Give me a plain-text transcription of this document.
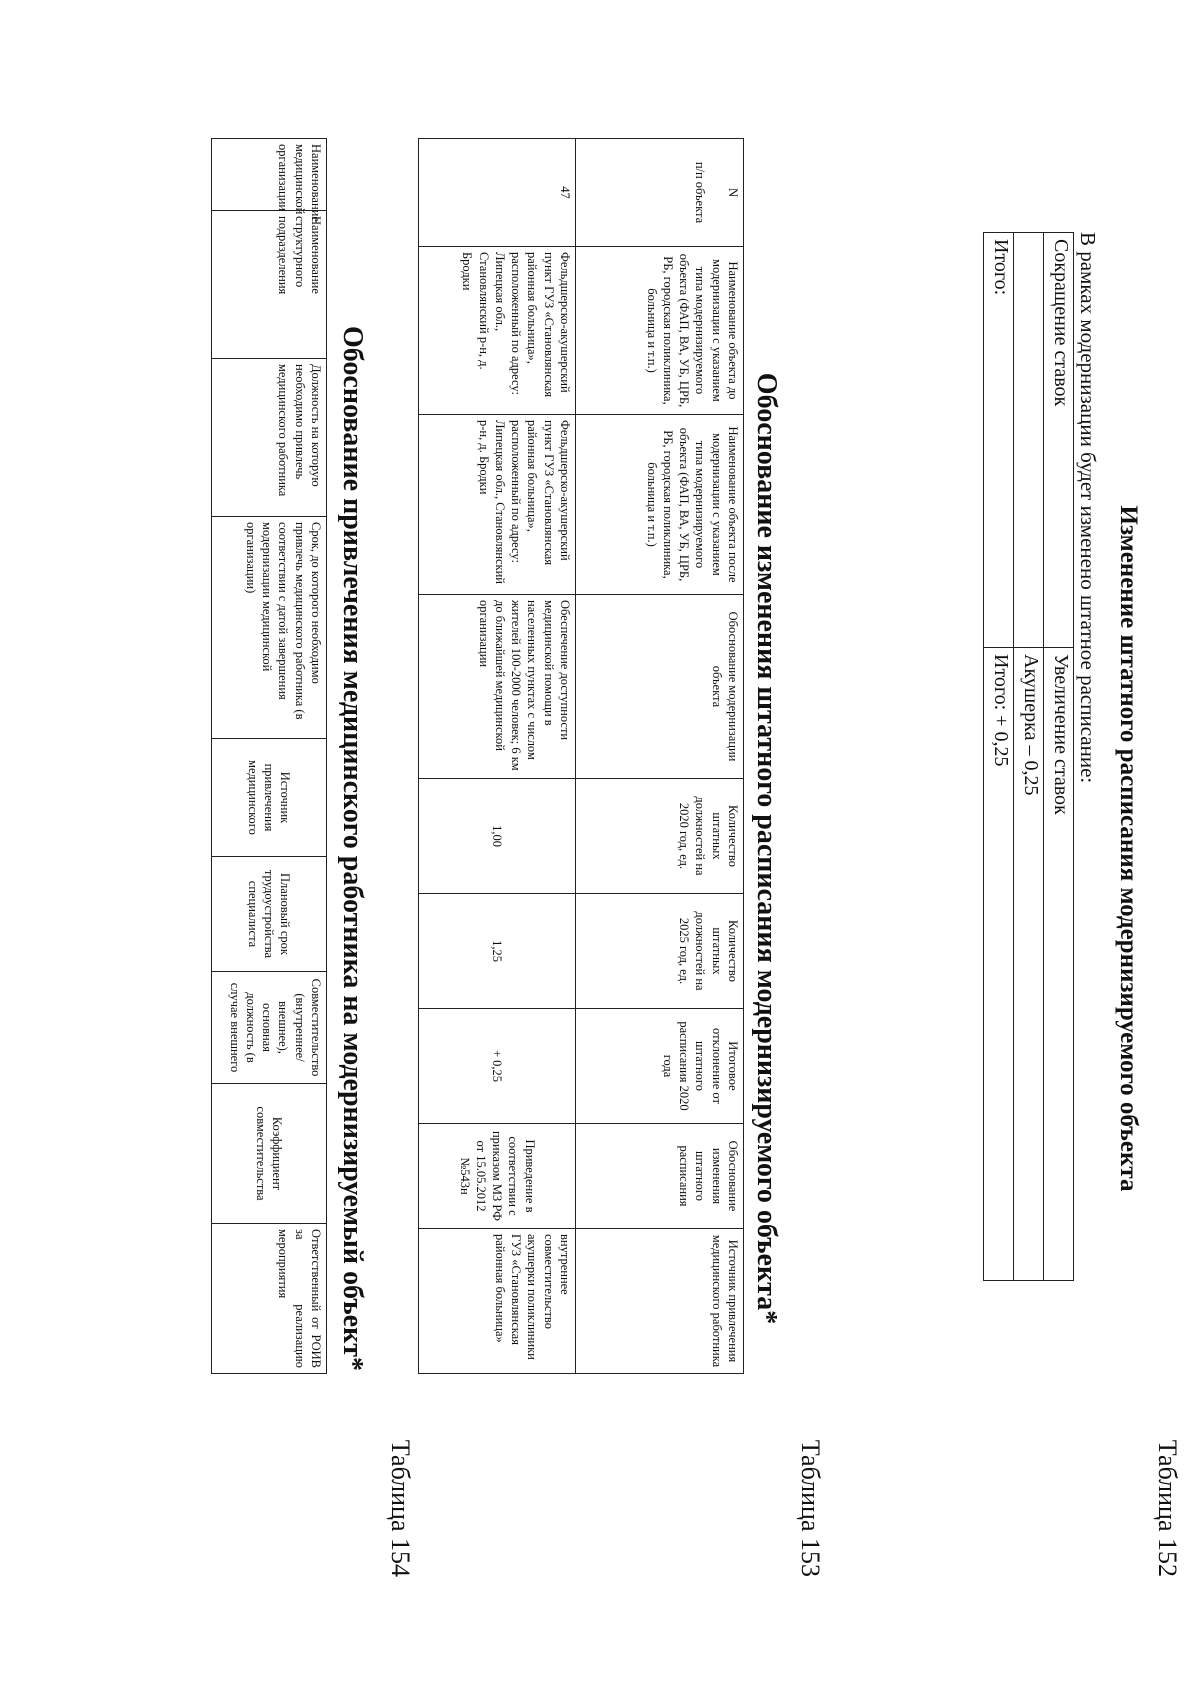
Таблица 152
Изменение штатного расписания модернизируемого объекта
В рамках модернизации будет изменено штатное расписание:
Сокращение ставок	Увеличение ставок
	Акушерка – 0,25
Итого:	Итого: + 0,25
Таблица 153
Обоснование изменения штатного расписания модернизируемого объекта*
N

п/п объекта	Наименование объекта до модернизации с указанием типа модернизируемого объекта (ФАП, ВА, УБ, ЦРБ, РБ, городская поликлиника, больница и т.п.)	Наименование объекта после модернизации с указанием типа модернизируемого объекта (ФАП, ВА, УБ, ЦРБ, РБ, городская поликлиника, больница и т.п.)	Обоснование модернизации объекта	Количество штатных должностей на 2020 год, ед.	Количество штатных должностей на 2025 год, ед.	Итоговое отклонение от штатного расписания 2020 года	Обоснование изменения штатного расписания	Источник привлечения медицинского работника
47	Фельдшерско-акушерский пункт ГУЗ «Становлянская районная больница», расположенный по адресу: Липецкая обл., Становлянский р-н, д. Бродки	Фельдшерско-акушерский пункт ГУЗ «Становлянская районная больница», расположенный по адресу: Липецкая обл., Становлянский р-н, д. Бродки	Обеспечение доступности медицинской помощи в населенных пунктах с числом жителей 100-2000 человек; 6 км до ближайшей медицинской организации	1,00	1,25	+ 0,25	Приведение в соответствии с приказом МЗ РФ от 15.05.2012 №543н	внутреннее совместительство акушерки поликлиники ГУЗ «Становлянская районная больница»
Таблица 154
Обоснование привлечения медицинского работника на модернизируемый объект*
Наименование медицинской организации	Наименование структурного подразделения	Должность на которую необходимо привлечь медицинского работника	Срок, до которого необходимо привлечь медицинского работника (в соответствии с датой завершения модернизации медицинской организации)	Источник привлечения медицинского	Плановый срок трудоустройства специалиста	Совместительство (внутреннее/внешнее), основная должность (в случае внешнего	Коэффициент совместительства	Ответственный от РОИВ за реализацию мероприятия
